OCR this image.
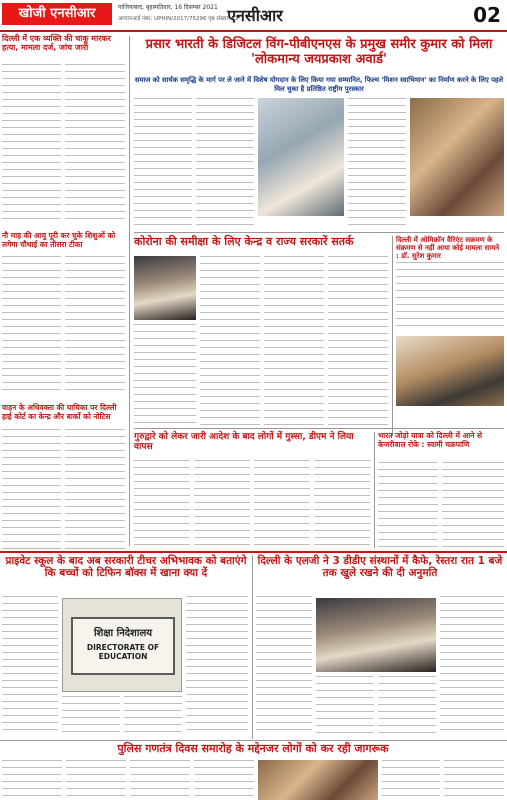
खोजी एनसीआर	गाजियाबाद, बृहस्पतिवार, 16 दिसम्बर 2021
आरएनआई नंबर: UPHIN/2017/75296 पृष्ठ संख्या: 12
एनसीआर	02
दिल्ली में एक व्यक्ति की चाकू मारकर हत्या, मामला दर्ज, जांच जारी
नौ माह की आयु पूरी कर चुके शिशुओं को लगेगा चौथाई का तीसरा टीका
वाहन के अधिवक्ता की याचिका पर दिल्ली हाई कोर्ट का केन्द्र और बार्को को नोटिस
प्रसार भारती के डिजिटल विंग-पीबीएनएस के प्रमुख समीर कुमार को मिला 'लोकमान्य जयप्रकाश अवार्ड'
समाज को सार्थक समृद्धि के मार्ग पर ले जाने में विशेष योगदान के लिए किया गया सम्मानित, फिल्म 'मिशन स्वाभिमान' का निर्माण करने के लिए पहले मिल चुका है प्रतिष्ठित राष्ट्रीय पुरस्कार
कोरोना की समीक्षा के लिए केन्द्र व राज्य सरकारें सतर्क	दिल्ली में ओमिक्रॉन वैरिएंट सक्रमण के संक्रमण से नहीं आया कोई मामला सामने : डॉ. सुरेश कुमार
गुरुद्वारे को लेकर जारी आदेश के बाद लोगों में गुस्सा, डीएम ने लिया वापस
भारत जोड़ो यात्रा को दिल्ली में आने से केजरीवाल रोके : स्वामी चक्रपाणि
प्राइवेट स्कूल के बाद अब सरकारी टीचर अभिभावक को बताएंगे कि बच्चों को टिफिन बॉक्स में खाना क्या दें
शिक्षा निदेशालय
DIRECTORATE OF EDUCATION
दिल्ली के एलजी ने 3 डीडीए संस्थानों में कैफे, रेस्तरा रात 1 बजे तक खुले रखने की दी अनुमति
पुलिस गणतंत्र दिवस समारोह के मद्देनजर लोगों को कर रही जागरूक
